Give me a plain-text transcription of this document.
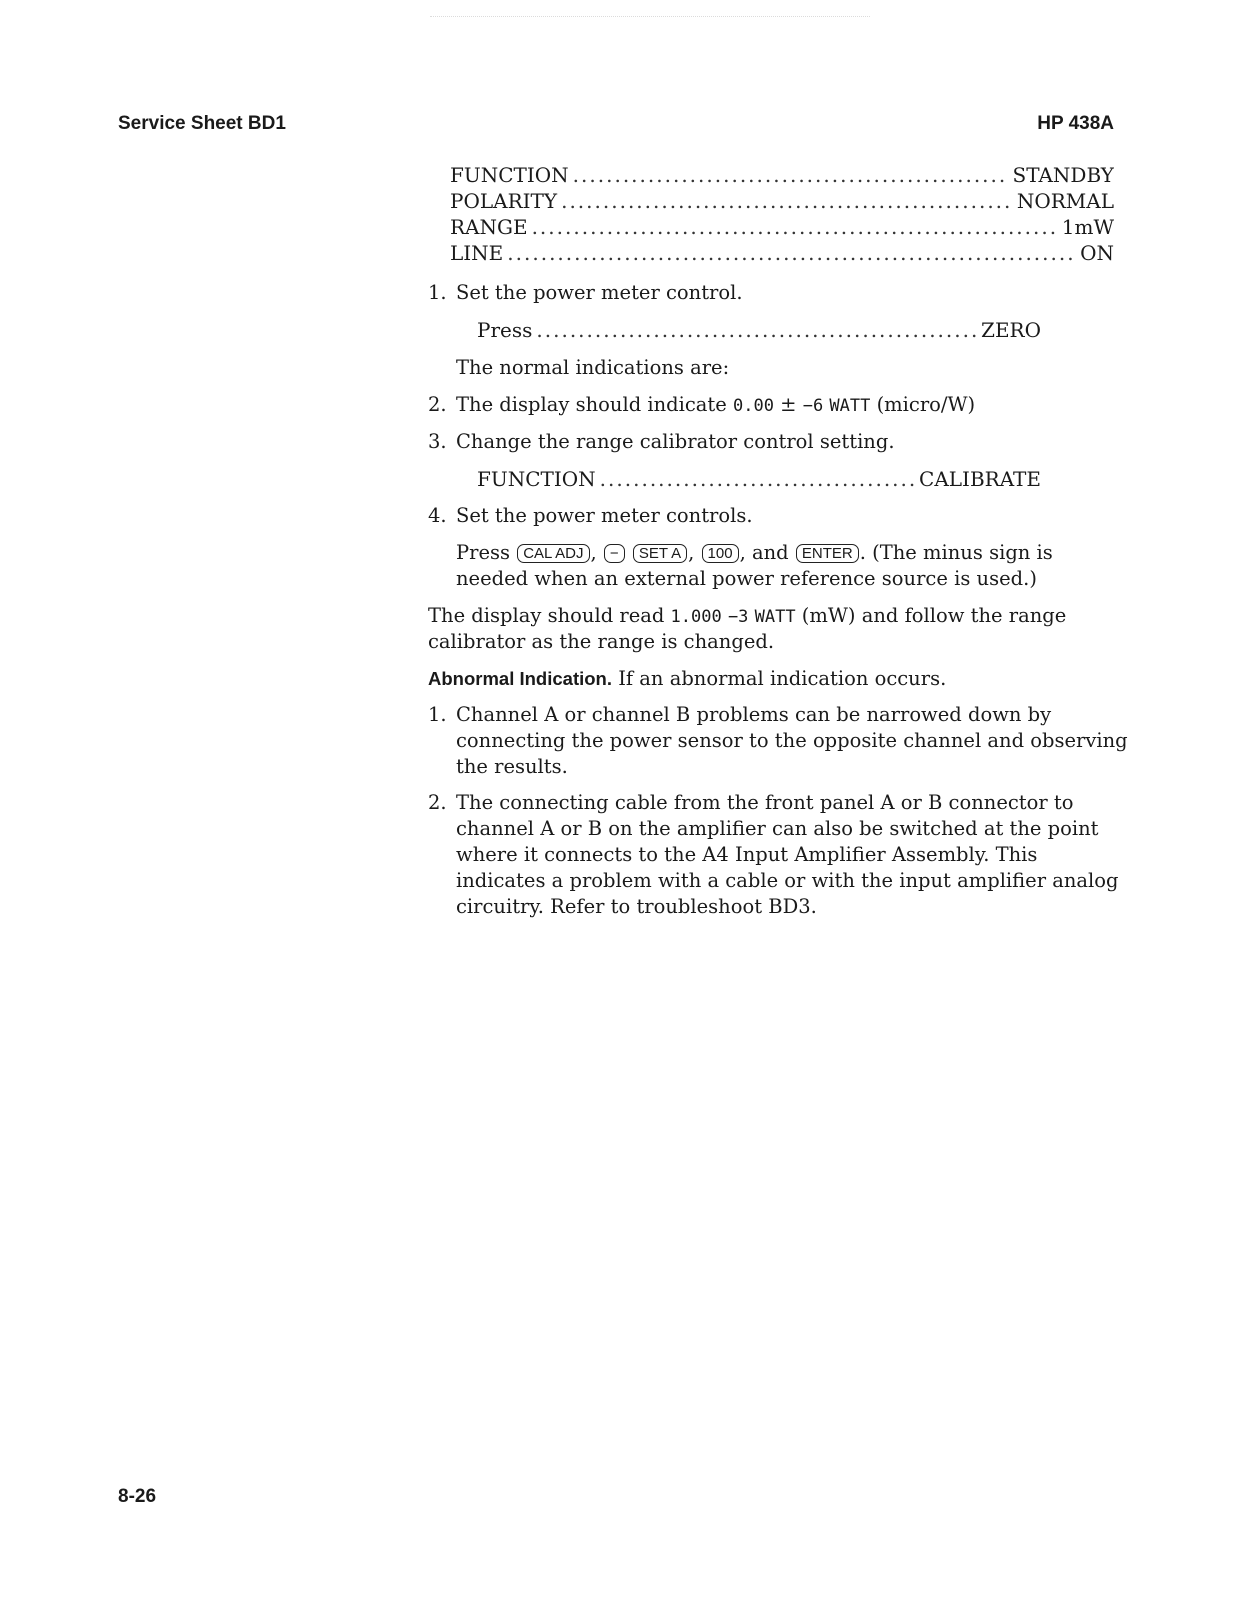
Service Sheet BD1	HP 438A
FUNCTION .....	STANDBY
POLARITY .....	NORMAL
RANGE .....	1mW
LINE .....	ON
1. Set the power meter control.
Press .....	ZERO
The normal indications are:
2. The display should indicate 0.00 ± −6 WATT (micro/W)
3. Change the range calibrator control setting.
FUNCTION .....	CALIBRATE
4. Set the power meter controls.
Press CAL ADJ , − SET A , 100 , and ENTER . (The minus sign is
needed when an external power reference source is used.)
The display should read 1.000 −3 WATT (mW) and follow the range
calibrator as the range is changed.
Abnormal Indication. If an abnormal indication occurs.
1. Channel A or channel B problems can be narrowed down by
connecting the power sensor to the opposite channel and observing
the results.
2. The connecting cable from the front panel A or B connector to
channel A or B on the amplifier can also be switched at the point
where it connects to the A4 Input Amplifier Assembly. This
indicates a problem with a cable or with the input amplifier analog
circuitry. Refer to troubleshoot BD3.
8-26
